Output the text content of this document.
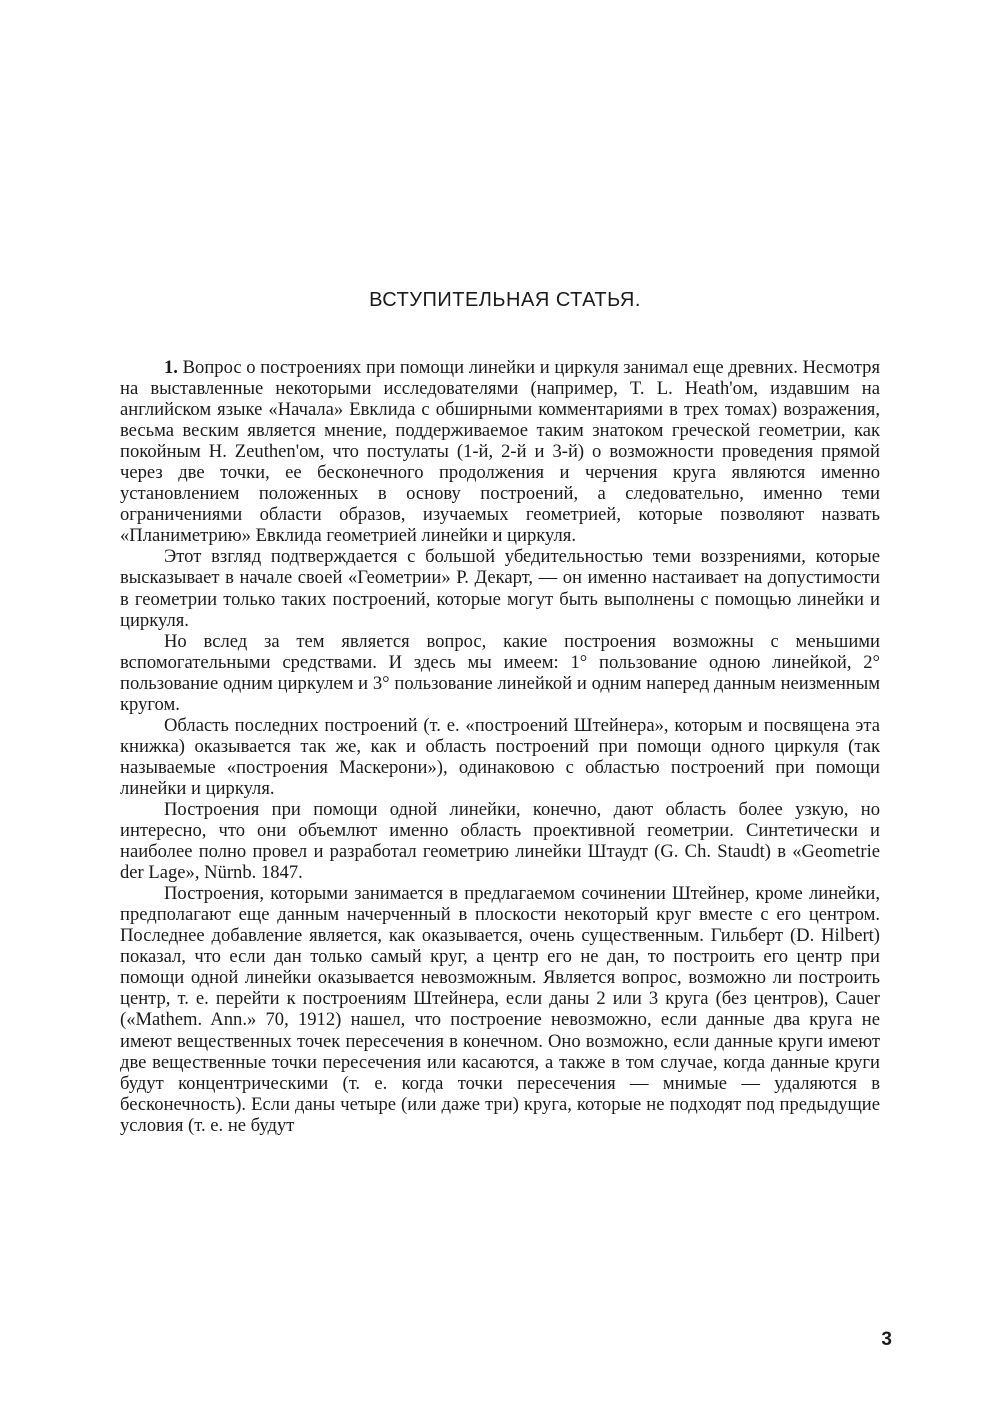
ВСТУПИТЕЛЬНАЯ СТАТЬЯ.

1. Вопрос о построениях при помощи линейки и циркуля занимал еще древних. Несмотря на выставленные некоторыми исследователями (например, T. L. Heath'ом, издавшим на английском языке «Начала» Евклида с обширными комментариями в трех томах) возражения, весьма веским является мнение, поддерживаемое таким знатоком греческой геометрии, как покойным H. Zeuthen'ом, что постулаты (1-й, 2-й и 3-й) о возможности проведения прямой через две точки, ее бесконечного продолжения и черчения круга являются именно установлением положенных в основу построений, а следовательно, именно теми ограничениями области образов, изучаемых геометрией, которые позволяют назвать «Планиметрию» Евклида геометрией линейки и циркуля.

Этот взгляд подтверждается с большой убедительностью теми воззрениями, которые высказывает в начале своей «Геометрии» Р. Декарт, — он именно настаивает на допустимости в геометрии только таких построений, которые могут быть выполнены с помощью линейки и циркуля.

Но вслед за тем является вопрос, какие построения возможны с меньшими вспомогательными средствами. И здесь мы имеем: 1° пользование одною линейкой, 2° пользование одним циркулем и 3° пользование линейкой и одним наперед данным неизменным кругом.

Область последних построений (т. е. «построений Штейнера», которым и посвящена эта книжка) оказывается так же, как и область построений при помощи одного циркуля (так называемые «построения Маскерони»), одинаковою с областью построений при помощи линейки и циркуля.

Построения при помощи одной линейки, конечно, дают область более узкую, но интересно, что они объемлют именно область проективной геометрии. Синтетически и наиболее полно провел и разработал геометрию линейки Штаудт (G. Ch. Staudt) в «Geometrie der Lage», Nürnb. 1847.

Построения, которыми занимается в предлагаемом сочинении Штейнер, кроме линейки, предполагают еще данным начерченный в плоскости некоторый круг вместе с его центром. Последнее добавление является, как оказывается, очень существенным. Гильберт (D. Hilbert) показал, что если дан только самый круг, а центр его не дан, то построить его центр при помощи одной линейки оказывается невозможным. Является вопрос, возможно ли построить центр, т. е. перейти к построениям Штейнера, если даны 2 или 3 круга (без центров), Cauer («Mathem. Ann.» 70, 1912) нашел, что построение невозможно, если данные два круга не имеют вещественных точек пересечения в конечном. Оно возможно, если данные круги имеют две вещественные точки пересечения или касаются, а также в том случае, когда данные круги будут концентрическими (т. е. когда точки пересечения — мнимые — удаляются в бесконечность). Если даны четыре (или даже три) круга, которые не подходят под предыдущие условия (т. е. не будут

3
